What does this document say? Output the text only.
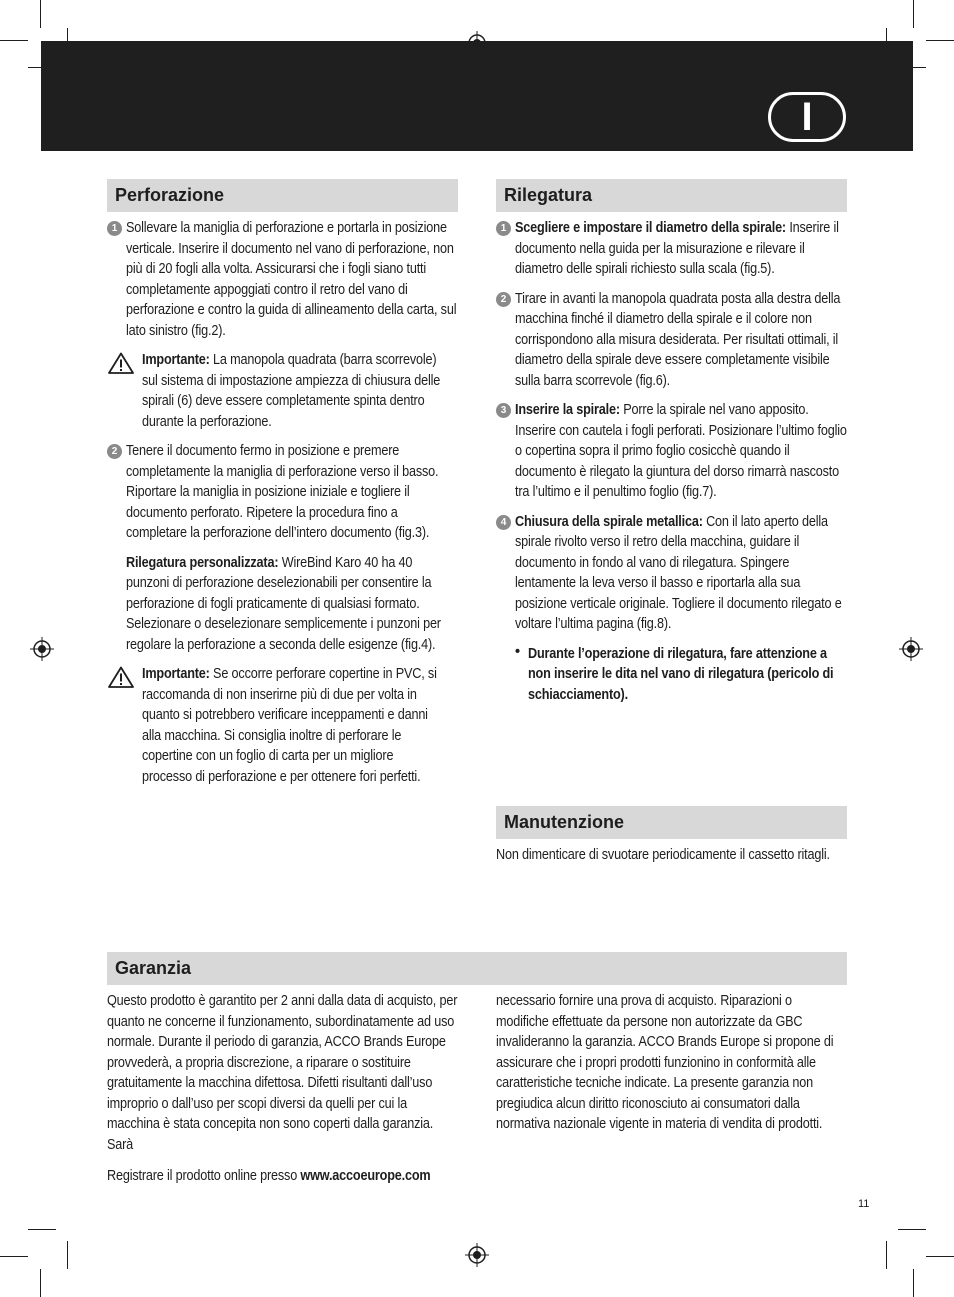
I
Perforazione
1 Sollevare la maniglia di perforazione e portarla in posizione verticale. Inserire il documento nel vano di perforazione, non più di 20 fogli alla volta. Assicurarsi che i fogli siano tutti completamente appoggiati contro il retro del vano di perforazione e contro la guida di allineamento della carta, sul lato sinistro (fig.2).

Importante: La manopola quadrata (barra scorrevole) sul sistema di impostazione ampiezza di chiusura delle spirali (6) deve essere completamente spinta dentro durante la perforazione.

2 Tenere il documento fermo in posizione e premere completamente la maniglia di perforazione verso il basso. Riportare la maniglia in posizione iniziale e togliere il documento perforato. Ripetere la procedura fino a completare la perforazione dell’intero documento (fig.3).

Rilegatura personalizzata: WireBind Karo 40 ha 40 punzoni di perforazione deselezionabili per consentire la perforazione di fogli praticamente di qualsiasi formato. Selezionare o deselezionare semplicemente i punzoni per regolare la perforazione a seconda delle esigenze (fig.4).

Importante: Se occorre perforare copertine in PVC, si raccomanda di non inserirne più di due per volta in quanto si potrebbero verificare inceppamenti e danni alla macchina. Si consiglia inoltre di perforare le copertine con un foglio di carta per un migliore processo di perforazione e per ottenere fori perfetti.

Rilegatura
1 Scegliere e impostare il diametro della spirale: Inserire il documento nella guida per la misurazione e rilevare il diametro delle spirali richiesto sulla scala (fig.5).

2 Tirare in avanti la manopola quadrata posta alla destra della macchina finché il diametro della spirale e il colore non corrispondono alla misura desiderata. Per risultati ottimali, il diametro della spirale deve essere completamente visibile sulla barra scorrevole (fig.6).

3 Inserire la spirale: Porre la spirale nel vano apposito. Inserire con cautela i fogli perforati. Posizionare l’ultimo foglio o copertina sopra il primo foglio cosicchè quando il documento è rilegato la giuntura del dorso rimarrà nascosto tra l’ultimo e il penultimo foglio (fig.7).

4 Chiusura della spirale metallica: Con il lato aperto della spirale rivolto verso il retro della macchina, guidare il documento in fondo al vano di rilegatura. Spingere lentamente la leva verso il basso e riportarla alla sua posizione verticale originale. Togliere il documento rilegato e voltare l’ultima pagina (fig.8).

• Durante l’operazione di rilegatura, fare attenzione a non inserire le dita nel vano di rilegatura (pericolo di schiacciamento).

Manutenzione

Non dimenticare di svuotare periodicamente il cassetto ritagli.

Garanzia

Questo prodotto è garantito per 2 anni dalla data di acquisto, per quanto ne concerne il funzionamento, subordinatamente ad uso normale. Durante il periodo di garanzia, ACCO Brands Europe provvederà, a propria discrezione, a riparare o sostituire gratuitamente la macchina difettosa. Difetti risultanti dall’uso improprio o dall’uso per scopi diversi da quelli per cui la macchina è stata concepita non sono coperti dalla garanzia. Sarà

necessario fornire una prova di acquisto. Riparazioni o modifiche effettuate da persone non autorizzate da GBC invalideranno la garanzia. ACCO Brands Europe si propone di assicurare che i propri prodotti funzionino in conformità alle caratteristiche tecniche indicate. La presente garanzia non pregiudica alcun diritto riconosciuto ai consumatori dalla normativa nazionale vigente in materia di vendita di prodotti.

Registrare il prodotto online presso www.accoeurope.com

11
